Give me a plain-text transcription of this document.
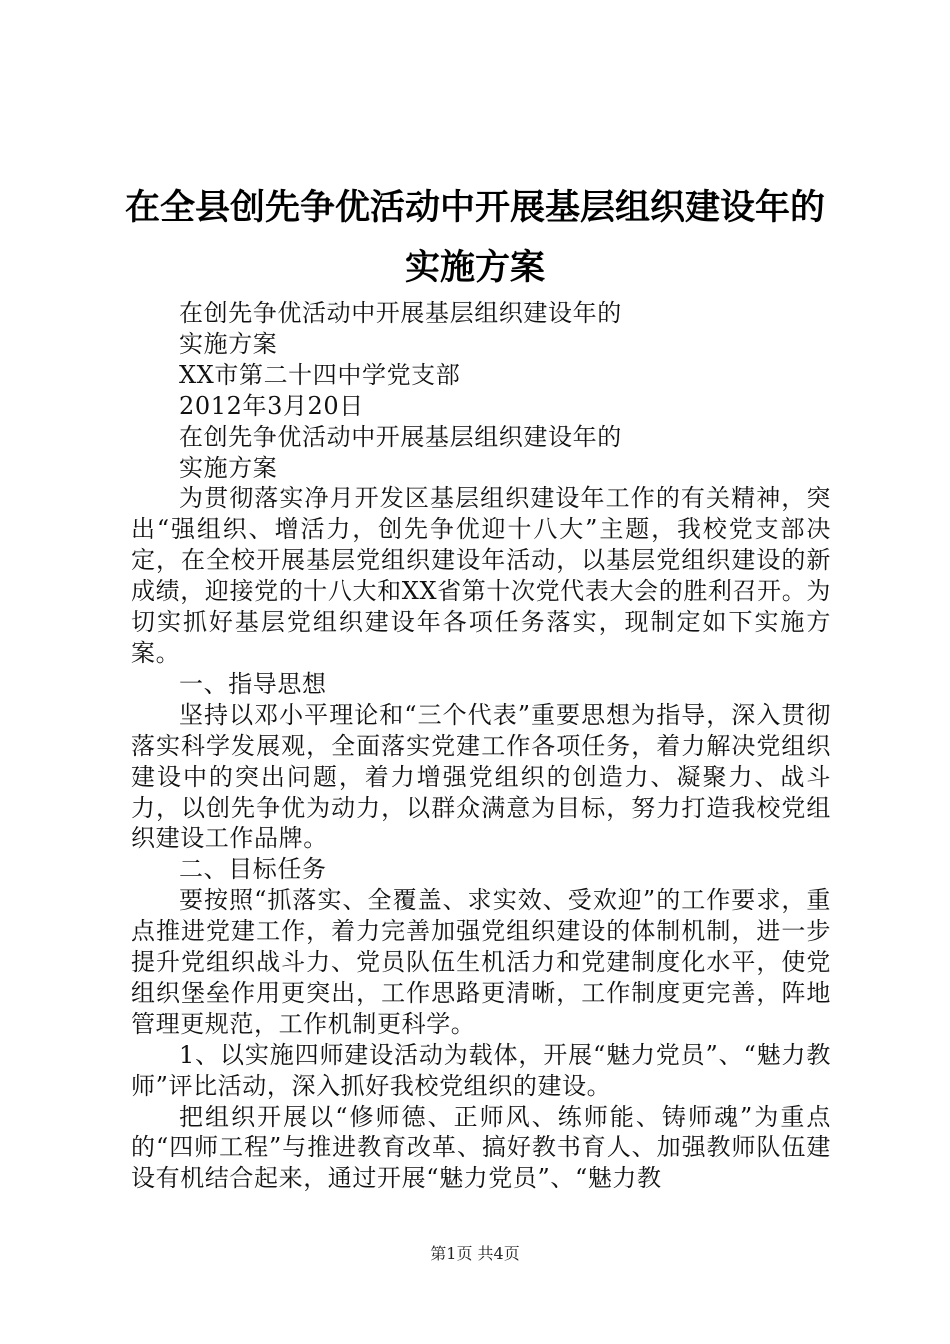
在全县创先争优活动中开展基层组织建设年的
实施方案

在创先争优活动中开展基层组织建设年的

实施方案

XX市第二十四中学党支部

2012年3月20日

在创先争优活动中开展基层组织建设年的

实施方案

为贯彻落实净月开发区基层组织建设年工作的有关精神，突出“强组织、增活力，创先争优迎十八大”主题，我校党支部决定，在全校开展基层党组织建设年活动，以基层党组织建设的新成绩，迎接党的十八大和XX省第十次党代表大会的胜利召开。为切实抓好基层党组织建设年各项任务落实，现制定如下实施方案。

一、指导思想

坚持以邓小平理论和“三个代表”重要思想为指导，深入贯彻落实科学发展观，全面落实党建工作各项任务，着力解决党组织建设中的突出问题，着力增强党组织的创造力、凝聚力、战斗力，以创先争优为动力，以群众满意为目标，努力打造我校党组织建设工作品牌。

二、目标任务

要按照“抓落实、全覆盖、求实效、受欢迎”的工作要求，重点推进党建工作，着力完善加强党组织建设的体制机制，进一步提升党组织战斗力、党员队伍生机活力和党建制度化水平，使党组织堡垒作用更突出，工作思路更清晰，工作制度更完善，阵地管理更规范，工作机制更科学。

1、以实施四师建设活动为载体，开展“魅力党员”、“魅力教师”评比活动，深入抓好我校党组织的建设。

把组织开展以“修师德、正师风、练师能、铸师魂”为重点的“四师工程”与推进教育改革、搞好教书育人、加强教师队伍建设有机结合起来，通过开展“魅力党员”、“魅力教

第1页 共4页
